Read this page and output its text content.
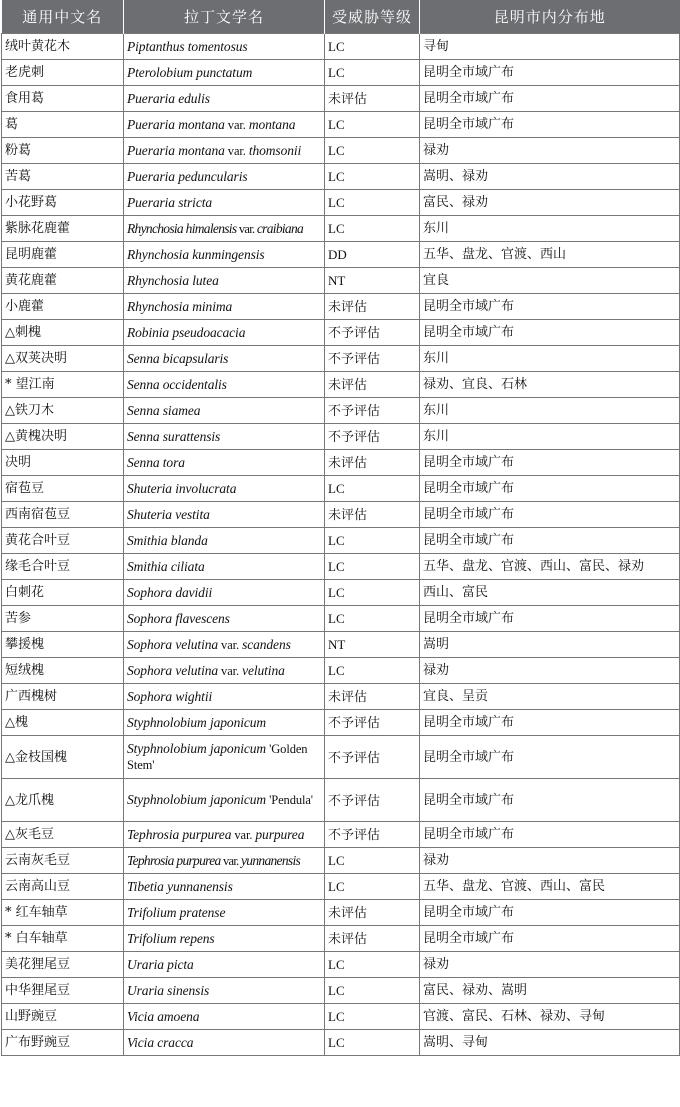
通用中文名	拉丁文学名	受威胁等级	昆明市内分布地
绒叶黄花木	Piptanthus tomentosus	LC	寻甸
老虎刺	Pterolobium punctatum	LC	昆明全市域广布
食用葛	Pueraria edulis	未评估	昆明全市域广布
葛	Pueraria montana var. montana	LC	昆明全市域广布
粉葛	Pueraria montana var. thomsonii	LC	禄劝
苦葛	Pueraria peduncularis	LC	嵩明、禄劝
小花野葛	Pueraria stricta	LC	富民、禄劝
紫脉花鹿藿	Rhynchosia himalensis var. craibiana	LC	东川
昆明鹿藿	Rhynchosia kunmingensis	DD	五华、盘龙、官渡、西山
黄花鹿藿	Rhynchosia lutea	NT	宜良
小鹿藿	Rhynchosia minima	未评估	昆明全市域广布
△刺槐	Robinia pseudoacacia	不予评估	昆明全市域广布
△双荚决明	Senna bicapsularis	不予评估	东川
* 望江南	Senna occidentalis	未评估	禄劝、宜良、石林
△铁刀木	Senna siamea	不予评估	东川
△黄槐决明	Senna surattensis	不予评估	东川
决明	Senna tora	未评估	昆明全市域广布
宿苞豆	Shuteria involucrata	LC	昆明全市域广布
西南宿苞豆	Shuteria vestita	未评估	昆明全市域广布
黄花合叶豆	Smithia blanda	LC	昆明全市域广布
缘毛合叶豆	Smithia ciliata	LC	五华、盘龙、官渡、西山、富民、禄劝
白刺花	Sophora davidii	LC	西山、富民
苦参	Sophora flavescens	LC	昆明全市域广布
攀援槐	Sophora velutina var. scandens	NT	嵩明
短绒槐	Sophora velutina var. velutina	LC	禄劝
广西槐树	Sophora wightii	未评估	宜良、呈贡
△槐	Styphnolobium japonicum	不予评估	昆明全市域广布
△金枝国槐	Styphnolobium japonicum 'Golden Stem'	不予评估	昆明全市域广布
△龙爪槐	Styphnolobium japonicum 'Pendula'	不予评估	昆明全市域广布
△灰毛豆	Tephrosia purpurea var. purpurea	不予评估	昆明全市域广布
云南灰毛豆	Tephrosia purpurea var. yunnanensis	LC	禄劝
云南高山豆	Tibetia yunnanensis	LC	五华、盘龙、官渡、西山、富民
* 红车轴草	Trifolium pratense	未评估	昆明全市域广布
* 白车轴草	Trifolium repens	未评估	昆明全市域广布
美花狸尾豆	Uraria picta	LC	禄劝
中华狸尾豆	Uraria sinensis	LC	富民、禄劝、嵩明
山野豌豆	Vicia amoena	LC	官渡、富民、石林、禄劝、寻甸
广布野豌豆	Vicia cracca	LC	嵩明、寻甸
